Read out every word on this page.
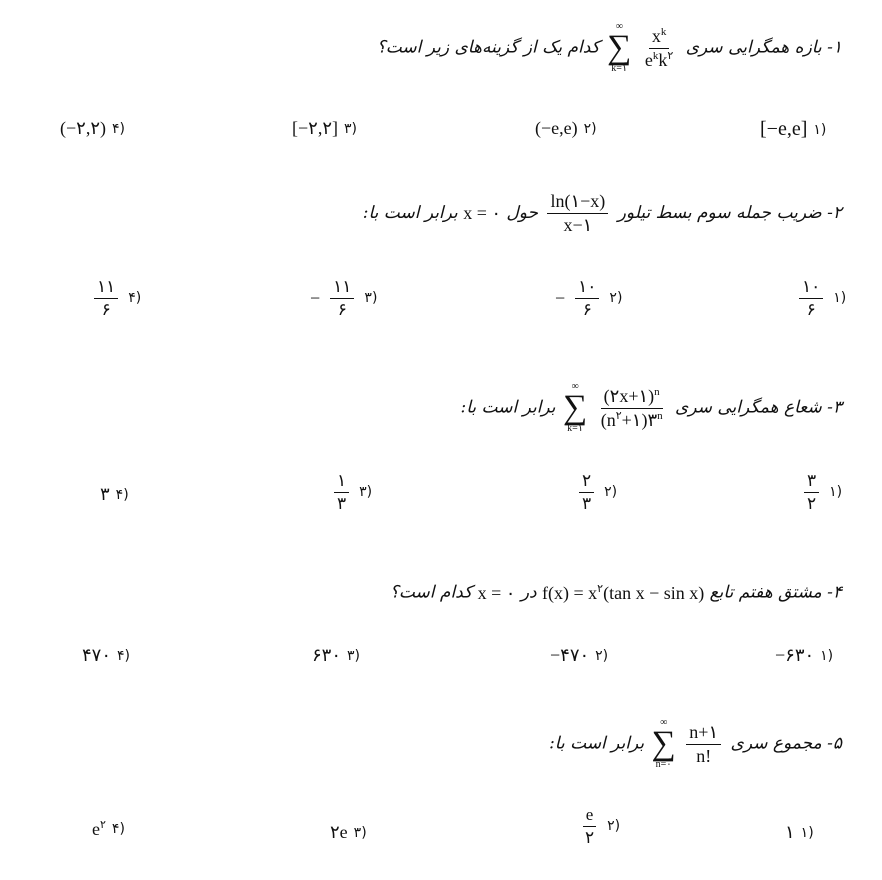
۱- بازه همگرایی سری
∞
∑
k=۱
$\frac{x^k}{e^kk^۲}$
کدام یک از گزینه‌های زیر است؟
[−e,e] ۱)
(−e,e) ۲)
[−۲,۲] ۳)
(−۲,۲) ۴)
۲- ضریب جمله سوم بسط تیلور
$\frac{\ln(۱-x)}{x-۱}$
حول x = ۰ برابر است با:
$\frac{۱۰}{۶}$ ۱)
− $\frac{۱۰}{۶}$ ۲)
− $\frac{۱۱}{۶}$ ۳)
$\frac{۱۱}{۶}$ ۴)
۳- شعاع همگرایی سری
∞
∑
k=۱
$\frac{(۲x+۱)^n}{(n^۲+۱)۳^n}$
برابر است با:
$\frac{۳}{۲}$ ۱)
$\frac{۲}{۳}$ ۲)
$\frac{۱}{۳}$ ۳)
۳ ۴)
۴- مشتق هفتم تابع $f(x) = x^۲(\tan$ x − sin x) در x = ۰ کدام است؟
−۶۳۰ ۱)
−۴۷۰ ۲)
۶۳۰ ۳)
۴۷۰ ۴)
۵- مجموع سری
∞
∑
n=۰
$\frac{n+۱}{n!}$
برابر است با:
۱ ۱)
$\frac{e}{۲}$ ۲)
۲e ۳)
$e^۲$ ۴)
